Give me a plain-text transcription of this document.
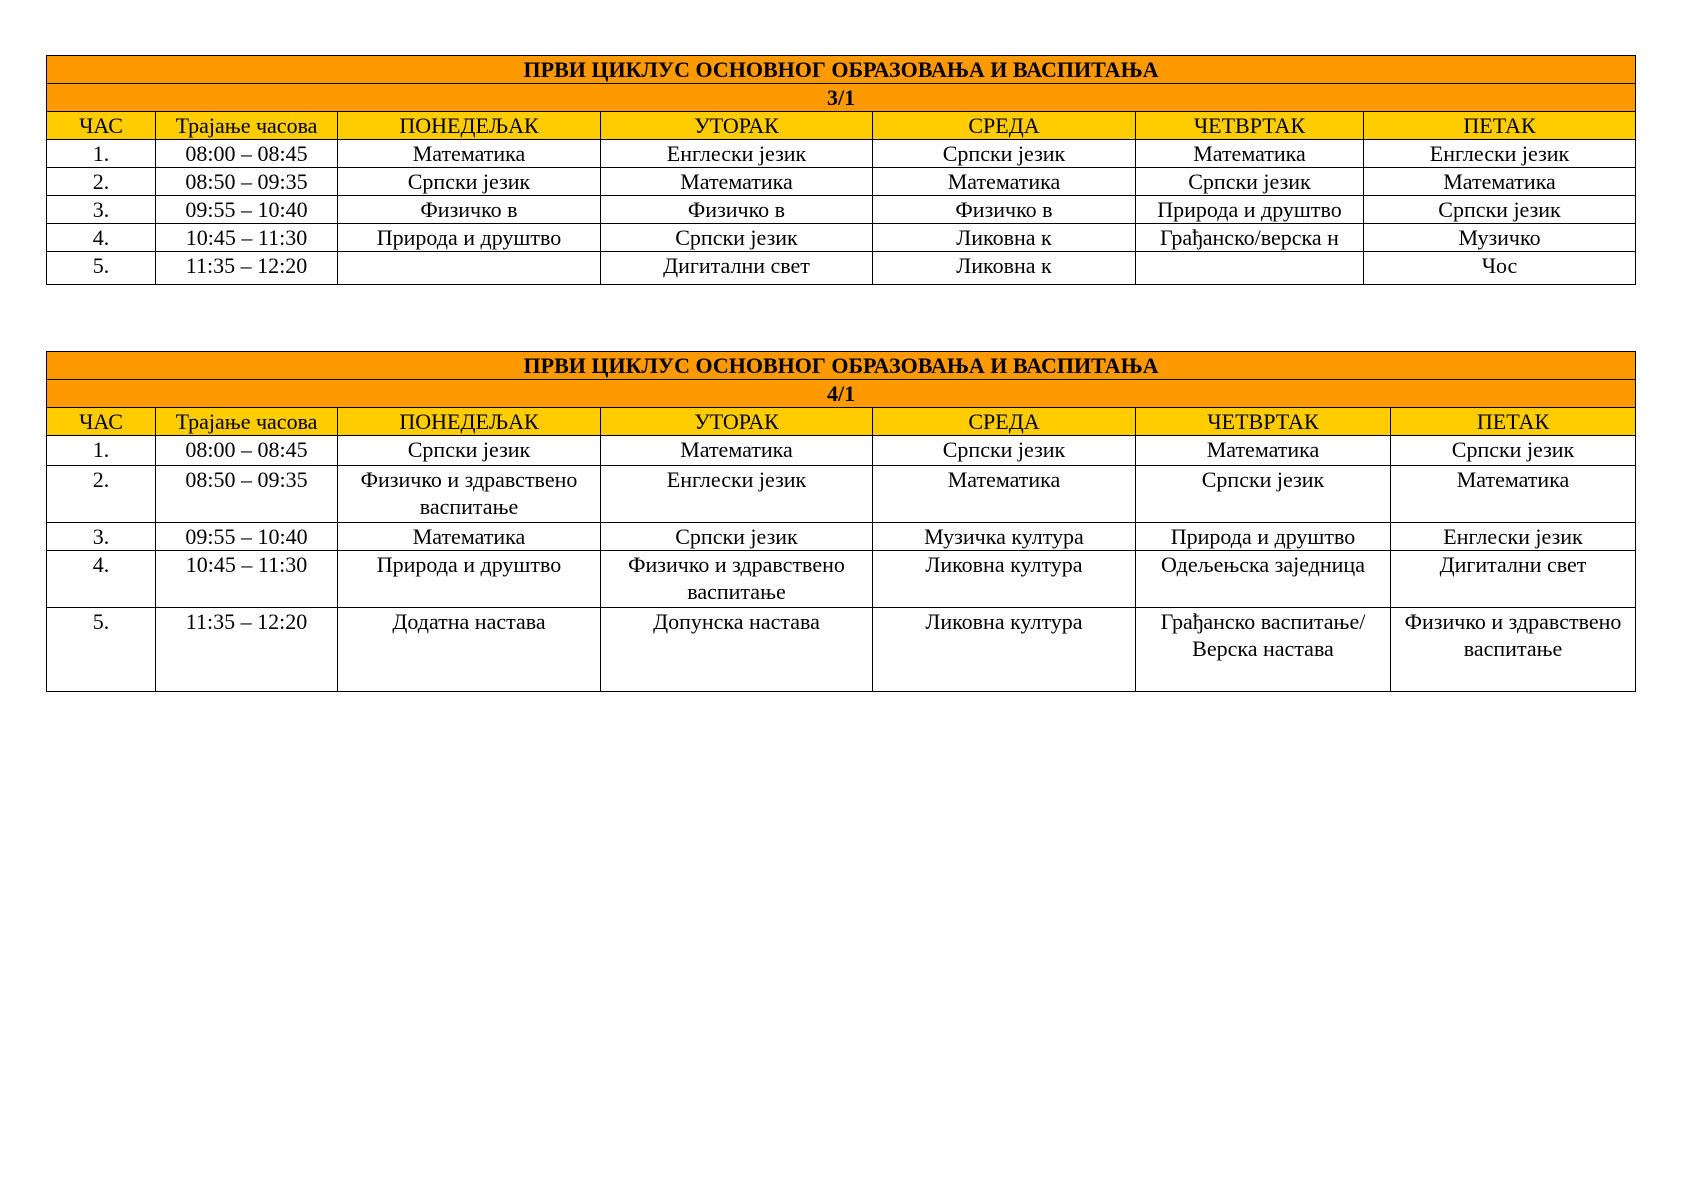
ПРВИ ЦИКЛУС ОСНОВНОГ ОБРАЗОВАЊА И ВАСПИТАЊА						
3/1						
ЧАС	Трајање часова	ПОНЕДЕЉАК	УТОРАК	СРЕДА	ЧЕТВРТАК	ПЕТАК
1.	08:00 – 08:45	Математика	Енглески језик	Српски језик	Математика	Енглески језик
2.	08:50 – 09:35	Српски језик	Математика	Математика	Српски језик	Математика
3.	09:55 – 10:40	Физичко в	Физичко в	Физичко в	Природа и друштво	Српски језик
4.	10:45 – 11:30	Природа и друштво	Српски језик	Ликовна к	Грађанско/верска н	Музичко
5.	11:35 – 12:20		Дигитални свет	Ликовна к		Чос
ПРВИ ЦИКЛУС ОСНОВНОГ ОБРАЗОВАЊА И ВАСПИТАЊА						
4/1						
ЧАС	Трајање часова	ПОНЕДЕЉАК	УТОРАК	СРЕДА	ЧЕТВРТАК	ПЕТАК
1.	08:00 – 08:45	Српски језик	Математика	Српски језик	Математика	Српски језик
2.	08:50 – 09:35	Физичко и здравствено васпитање	Енглески језик	Математика	Српски језик	Математика
3.	09:55 – 10:40	Математика	Српски језик	Музичка култура	Природа и друштво	Енглески језик
4.	10:45 – 11:30	Природа и друштво	Физичко и здравствено васпитање	Ликовна култура	Одељењска заједница	Дигитални свет
5.	11:35 – 12:20	Додатна настава	Допунска настава	Ликовна култура	Грађанско васпитање/Верска настава	Физичко и здравствено васпитање
